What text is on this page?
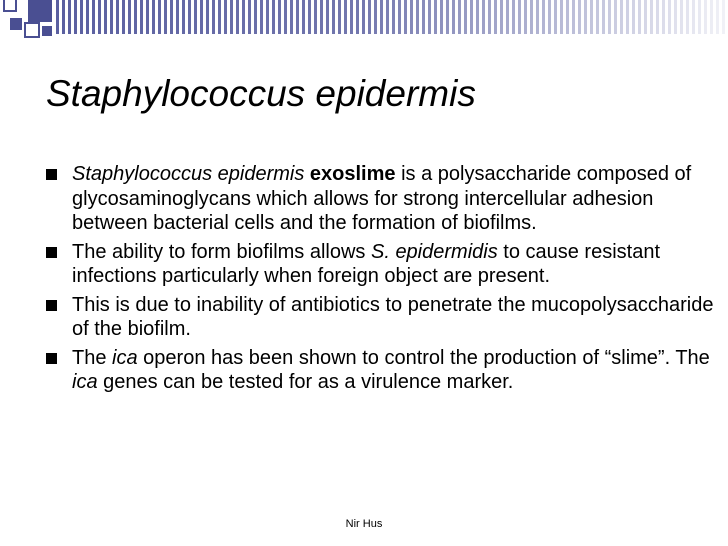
Staphylococcus epidermis
Staphylococcus epidermis exoslime is a polysaccharide composed of glycosaminoglycans which allows for strong intercellular adhesion between bacterial cells and the formation of biofilms.
The ability to form biofilms allows S. epidermidis to cause resistant infections particularly when foreign object are present.
This is due to inability of antibiotics to penetrate the mucopolysaccharide of the biofilm.
The ica operon has been shown to control the production of “slime”. The ica genes can be tested for as a virulence marker.
Nir Hus
